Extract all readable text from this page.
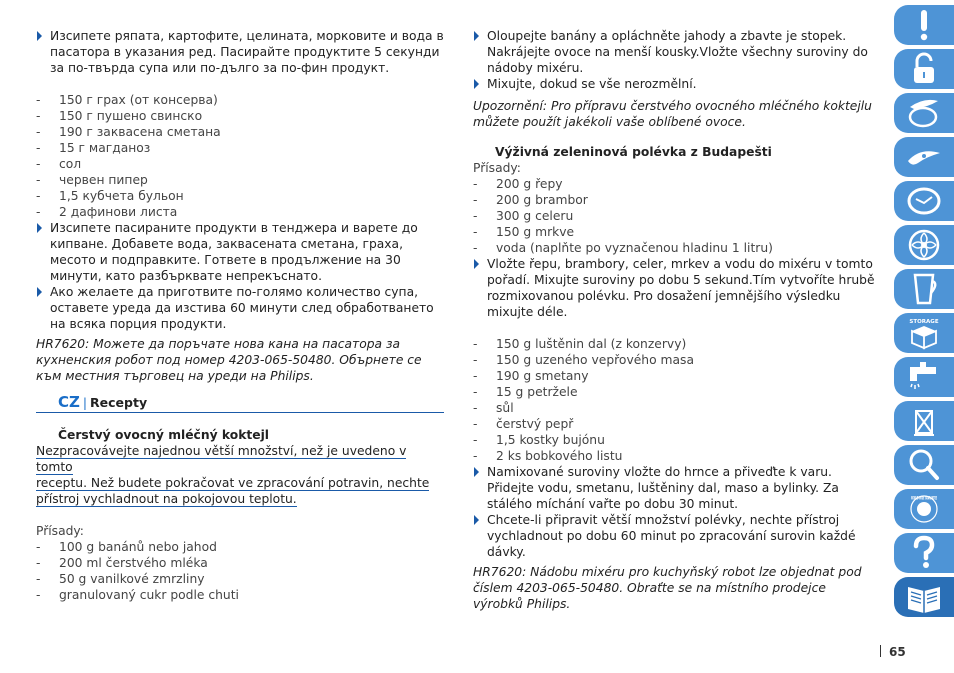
Изсипете ряпата, картофите, целината, морковите и вода в пасатора в указания ред. Пасирайте продуктите 5 секунди за по-твърда супа или по-дълго за по-фин продукт.
- 150 г грах (от консерва)
- 150 г пушено свинско
- 190 г заквасена сметана
- 15 г магданоз
- сол
- червен пипер
- 1,5 кубчета бульон
- 2 дафинови листа
Изсипете пасираните продукти в тенджера и варете до кипване. Добавете вода, заквасената сметана, граха, месото и подправките. Гответе в продължение на 30 минути, като разбърквате непрекъснато.
Ако желаете да приготвите по-голямо количество супа, оставете уреда да изстива 60 минути след обработването на всяка порция продукти.
HR7620: Можете да поръчате нова кана на пасатора за кухненския робот под номер 4203-065-50480. Обърнете се към местния търговец на уреди на Philips.
CZ | Recepty
Čerstvý ovocný mléčný koktejl
Nezpracovávejte najednou větší množství, než je uvedeno v tomto
receptu. Než budete pokračovat ve zpracování potravin, nechte
přístroj vychladnout na pokojovou teplotu.
Přísady:
- 100 g banánů nebo jahod
- 200 ml čerstvého mléka
- 50 g vanilkové zmrzliny
- granulovaný cukr podle chuti
Oloupejte banány a opláchněte jahody a zbavte je stopek. Nakrájejte ovoce na menší kousky.Vložte všechny suroviny do nádoby mixéru.
Mixujte, dokud se vše nerozmělní.
Upozornění: Pro přípravu čerstvého ovocného mléčného koktejlu můžete použít jakékoli vaše oblíbené ovoce.
Výživná zeleninová polévka z Budapešti
Přísady:
- 200 g řepy
- 200 g brambor
- 300 g celeru
- 150 g mrkve
- voda (naplňte po vyznačenou hladinu 1 litru)
Vložte řepu, brambory, celer, mrkev a vodu do mixéru v tomto pořadí. Mixujte suroviny po dobu 5 sekund.Tím vytvoříte hrubě rozmixovanou polévku. Pro dosažení jemnějšího výsledku mixujte déle.
- 150 g luštěnin dal (z konzervy)
- 150 g uzeného vepřového masa
- 190 g smetany
- 15 g petržele
- sůl
- čerstvý pepř
- 1,5 kostky bujónu
- 2 ks bobkového listu
Namixované suroviny vložte do hrnce a přiveďte k varu. Přidejte vodu, smetanu, luštěniny dal, maso a bylinky. Za stálého míchání vařte po dobu 30 minut.
Chcete-li připravit větší množství polévky, nechte přístroj vychladnout po dobu 60 minut po zpracování surovin každé dávky.
HR7620: Nádobu mixéru pro kuchyňský robot lze objednat pod číslem 4203-065-50480. Obraťte se na místního prodejce výrobků Philips.
STORAGE
WORLD-WIDE GUARANTEE
65
